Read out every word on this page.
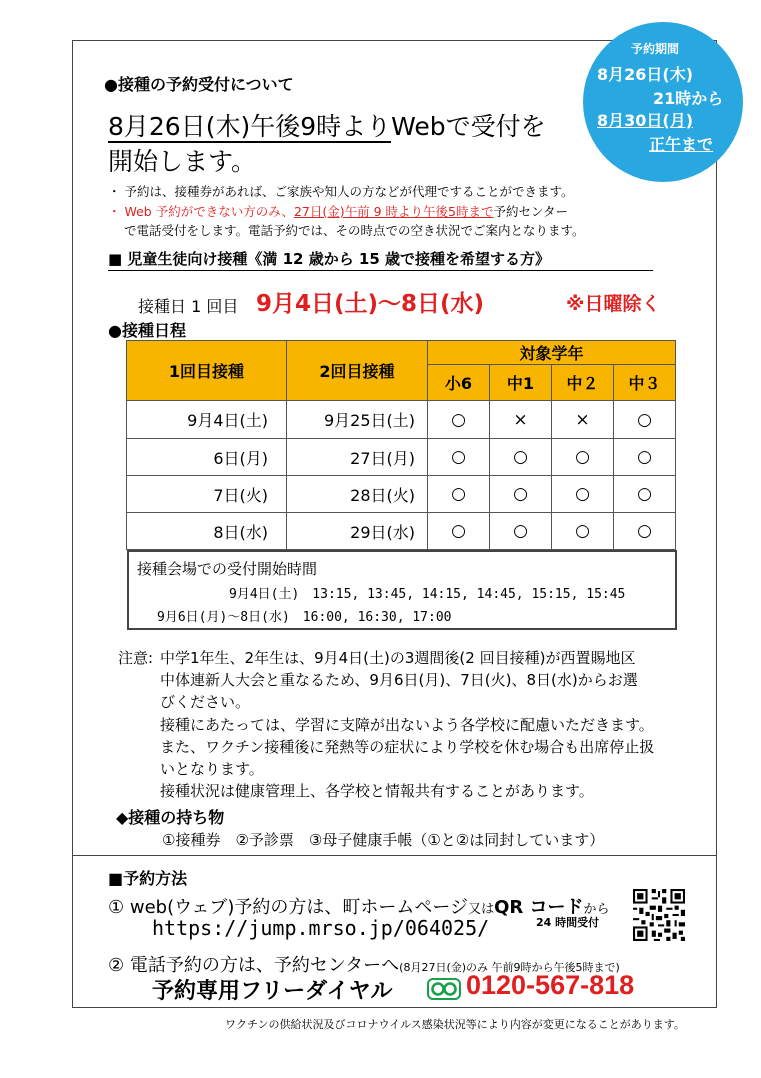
予約期間
8月26日(木)
21時から
8月30日(月)
正午まで
●接種の予約受付について
8月26日(木)午後9時よりWebで受付を
開始します。
・ 予約は、接種券があれば、ご家族や知人の方などが代理ですることができます。
・ Web 予約ができない方のみ、27日(金)午前 9 時より午後5時まで予約センター
で電話受付をします。電話予約では、その時点での空き状況でご案内となります。
■ 児童生徒向け接種《満 12 歳から 15 歳で接種を希望する方》
接種日 1 回目 9月4日(土)～8日(水)	※日曜除く
●接種日程
1回目接種	2回目接種	対象学年			
		小6	中1	中２	中３
9月4日(土)	9月25日(土)	○	×	×	○
6日(月)	27日(月)	○	○	○	○
7日(火)	28日(火)	○	○	○	○
8日(水)	29日(水)	○	○	○	○
接種会場での受付開始時間
9月4日(土)　13:15, 13:45, 14:15, 14:45, 15:15, 15:45
9月6日(月)～8日(水)　16:00, 16:30, 17:00
注意: 中学1年生、2年生は、9月4日(土)の3週間後(2 回目接種)が西置賜地区
中体連新人大会と重なるため、9月6日(月)、7日(火)、8日(水)からお選
びください。
接種にあたっては、学習に支障が出ないよう各学校に配慮いただきます。
また、ワクチン接種後に発熱等の症状により学校を休む場合も出席停止扱
いとなります。
接種状況は健康管理上、各学校と情報共有することがあります。
◆接種の持ち物
①接種券　②予診票　③母子健康手帳（①と②は同封しています）
■予約方法
① web(ウェブ)予約の方は、町ホームページ又はQR コードから
24 時間受付
https://jump.mrso.jp/064025/
② 電話予約の方は、予約センターへ(8月27日(金)のみ 午前9時から午後5時まで)
予約専用フリーダイヤル	0120-567-818
ワクチンの供給状況及びコロナウイルス感染状況等により内容が変更になることがあります。
